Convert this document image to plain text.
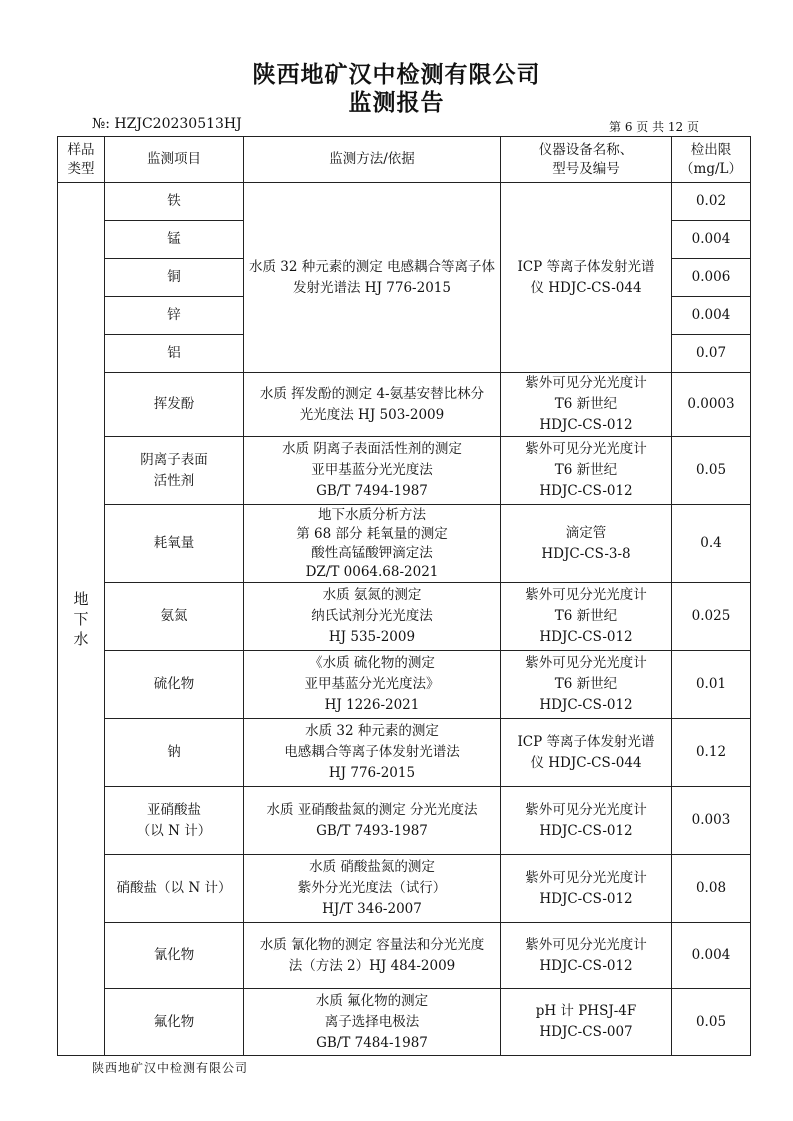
陕西地矿汉中检测有限公司
监测报告
№: HZJC20230513HJ	第 6 页 共 12 页
样品
类型	监测项目	监测方法/依据	仪器设备名称、
型号及编号	检出限
（mg/L）
地
下
水	铁	水质 32 种元素的测定 电感耦合等离子体 发射光谱法 HJ 776-2015	ICP 等离子体发射光谱仪 HDJC-CS-044	0.02
	锰			0.004
	铜			0.006
	锌			0.004
	铝			0.07
	挥发酚	水质 挥发酚的测定 4-氨基安替比林分光光度法 HJ 503-2009	紫外可见分光光度计
T6 新世纪
HDJC-CS-012	0.0003
	阴离子表面
活性剂	水质 阴离子表面活性剂的测定
亚甲基蓝分光光度法
GB/T 7494-1987	紫外可见分光光度计
T6 新世纪
HDJC-CS-012	0.05
	耗氧量	地下水质分析方法
第 68 部分 耗氧量的测定
酸性高锰酸钾滴定法
DZ/T 0064.68-2021	滴定管
HDJC-CS-3-8	0.4
	氨氮	水质 氨氮的测定
纳氏试剂分光光度法
HJ 535-2009	紫外可见分光光度计
T6 新世纪
HDJC-CS-012	0.025
	硫化物	《水质 硫化物的测定
亚甲基蓝分光光度法》
HJ 1226-2021	紫外可见分光光度计
T6 新世纪
HDJC-CS-012	0.01
	钠	水质 32 种元素的测定
电感耦合等离子体发射光谱法
HJ 776-2015	ICP 等离子体发射光谱
仪 HDJC-CS-044	0.12
	亚硝酸盐
（以 N 计）	水质 亚硝酸盐氮的测定 分光光度法 GB/T 7493-1987	紫外可见分光光度计
HDJC-CS-012	0.003
	硝酸盐（以 N 计）	水质 硝酸盐氮的测定
紫外分光光度法（试行）
HJ/T 346-2007	紫外可见分光光度计
HDJC-CS-012	0.08
	氰化物	水质 氰化物的测定 容量法和分光光度法（方法 2）HJ 484-2009	紫外可见分光光度计
HDJC-CS-012	0.004
	氟化物	水质 氟化物的测定
离子选择电极法
GB/T 7484-1987	pH 计 PHSJ-4F
HDJC-CS-007	0.05
陕西地矿汉中检测有限公司
